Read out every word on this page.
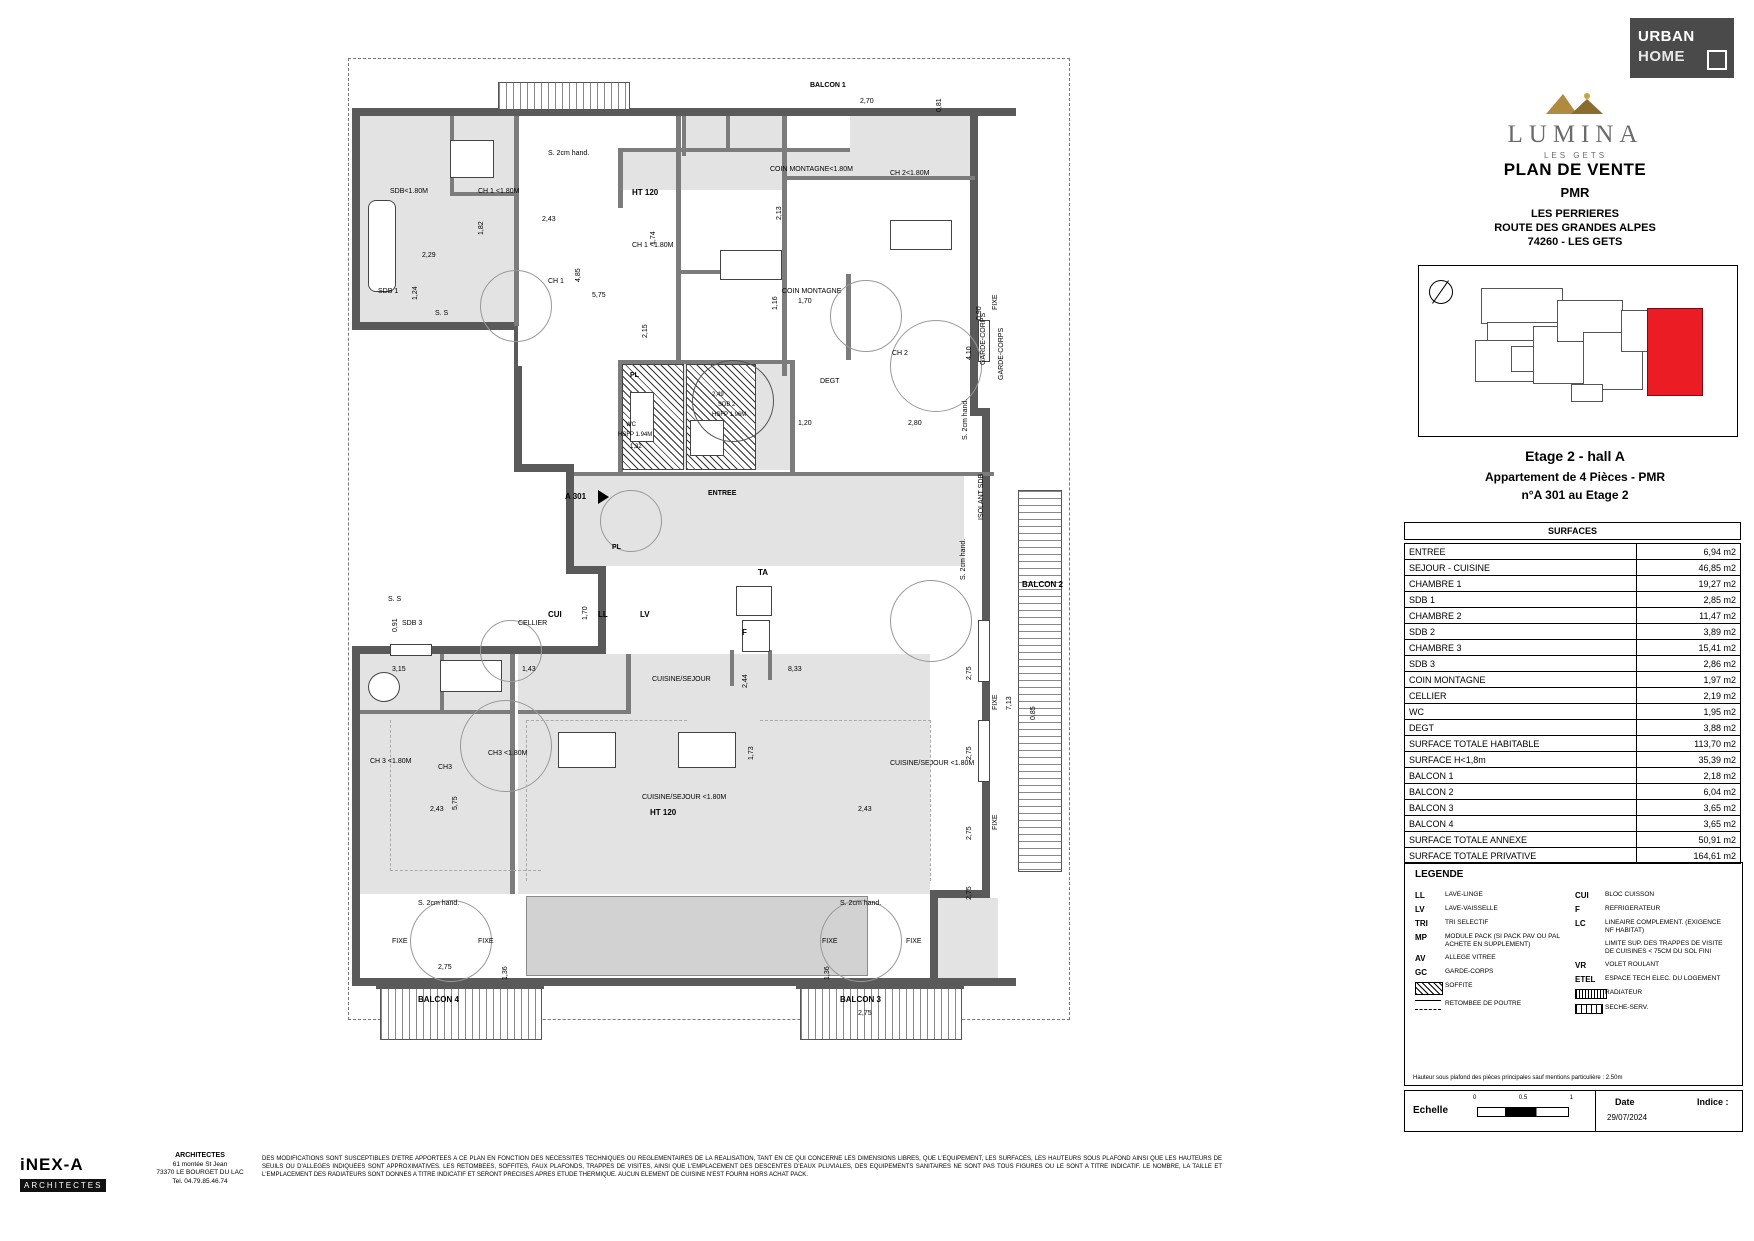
BALCON 1
2,70	0,81
SDB<1.80M
SDB 1
S. S
2,29
1,24
1,82
CH 1 <1.80M
CH 1
2,43
4,85
5,75
2,15
S. 2cm hand.
HT 120
1,74
CH 1 <1.80M
COIN MONTAGNE<1.80M
COIN MONTAGNE
2,13
1,16	1,70
CH 2<1.80M
CH 2	4,10
0,90
2,80
1,20
DEGT
PL
WC
HSFP 1.94M
SDB 2
HSFP 1.96M
2,49
1,32
ENTREE
A 301
PL
GARDE-CORPS GARDE-CORPS
S. 2cm hand.
S. 2cm hand.
ISOLANT SDB
FIXE
FIXE
FIXE
BALCON 2
7,13
0,85
2,75
2,75
2,75
2,75
S. S
SDB 3
0,91
3,15
CELLIER
1,43
1,70
CUI	LL	LV
F
TA
CUISINE/SEJOUR
8,33
2,44
CUISINE/SEJOUR <1.80M
CUISINE/SEJOUR <1.80M
1,73
HT 120
CH 3 <1.80M
CH3
CH3 <1.80M
5,75
2,43	2,43
S. 2cm hand.	S. 2cm hand.
FIXE	FIXE	FIXE	FIXE
2,75
BALCON 4
1,36	1,36
BALCON 3
2,75
URBAN
HOME
LUMINA
LES GETS
PLAN DE VENTE
PMR
LES PERRIERES
ROUTE DES GRANDES ALPES
74260 - LES GETS
Etage 2 - hall A
Appartement de 4 Pièces - PMR
n°A 301 au Etage 2
SURFACES
ENTREE	6,94 m2
SEJOUR - CUISINE	46,85 m2
CHAMBRE 1	19,27 m2
SDB 1	2,85 m2
CHAMBRE 2	11,47 m2
SDB 2	3,89 m2
CHAMBRE 3	15,41 m2
SDB 3	2,86 m2
COIN MONTAGNE	1,97 m2
CELLIER	2,19 m2
WC	1,95 m2
DEGT	3,88 m2
SURFACE TOTALE HABITABLE	113,70 m2
SURFACE H<1,8m	35,39 m2
BALCON 1	2,18 m2
BALCON 2	6,04 m2
BALCON 3	3,65 m2
BALCON 4	3,65 m2
SURFACE TOTALE ANNEXE	50,91 m2
SURFACE TOTALE PRIVATIVE	164,61 m2
LEGENDE
LL	LAVE-LINGE
LV	LAVE-VAISSELLE
TRI	TRI SELECTIF
MP	MODULE PACK (SI PACK PAV OU PAL ACHETE EN SUPPLEMENT)
AV	ALLEGE VITREE
GC	GARDE-CORPS
SOFFITE
RETOMBEE DE POUTRE
CUI	BLOC CUISSON
F	REFRIGERATEUR
LC	LINEAIRE COMPLEMENT. (EXIGENCE NF HABITAT)
LIMITE SUP. DES TRAPPES DE VISITE DE CUISINES < 75CM DU SOL FINI
VR	VOLET ROULANT
ETEL	ESPACE TECH ELEC. DU LOGEMENT
RADIATEUR
SECHE-SERV.
Hauteur sous plafond des pièces principales sauf mentions particulière : 2.50m
Echelle
0	0.5	1	Date
29/07/2024
Indice :
iNEX-A
ARCHITECTES
ARCHITECTES
61 montée St Jean
73370 LE BOURGET DU LAC
Tel. 04.79.85.46.74
DES MODIFICATIONS SONT SUSCEPTIBLES D'ETRE APPORTEES A CE PLAN EN FONCTION DES NECESSITES TECHNIQUES OU REGLEMENTAIRES DE LA REALISATION, TANT EN CE QUI CONCERNE LES DIMENSIONS LIBRES, QUE L'EQUIPEMENT, LES SURFACES, LES HAUTEURS SOUS PLAFOND AINSI QUE LES HAUTEURS DE SEUILS OU D'ALLEGES INDIQUEES SONT APPROXIMATIVES. LES RETOMBEES, SOFFITES, FAUX PLAFONDS, TRAPPES DE VISITES, AINSI QUE L'EMPLACEMENT DES DESCENTES D'EAUX PLUVIALES, DES EQUIPEMENTS SANITAIRES NE SONT PAS TOUS FIGURES OU LE SONT A TITRE INDICATIF. LE NOMBRE, LA TAILLE ET L'EMPLACEMENT DES RADIATEURS SONT DONNES A TITRE INDICATIF ET SERONT PRECISES APRES ETUDE THERMIQUE. AUCUN ELEMENT DE CUISINE N'EST FOURNI HORS ACHAT PACK.
